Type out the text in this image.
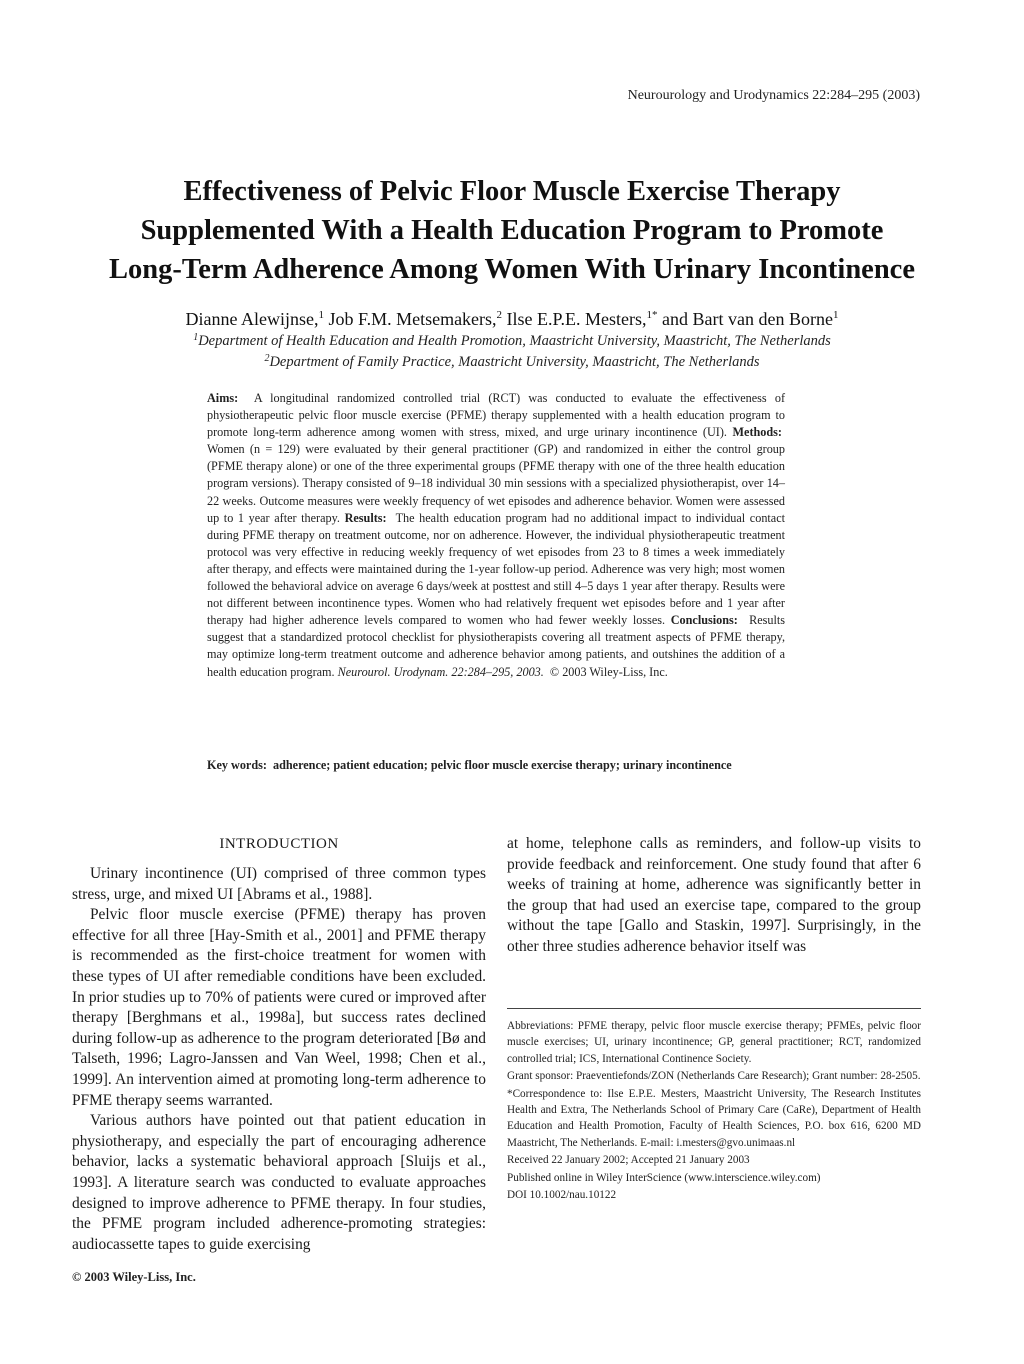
Neurourology and Urodynamics 22:284–295 (2003)
Effectiveness of Pelvic Floor Muscle Exercise Therapy
Supplemented With a Health Education Program to Promote
Long-Term Adherence Among Women With Urinary Incontinence
Dianne Alewijnse,$^1$ Job F.M. Metsemakers,$^2$ Ilse E.P.E. Mesters,$^{1*}$ and Bart van den Borne$^1$
$^1$Department of Health Education and Health Promotion, Maastricht University, Maastricht, The Netherlands
$^2$Department of Family Practice, Maastricht University, Maastricht, The Netherlands
Aims: A longitudinal randomized controlled trial (RCT) was conducted to evaluate the effectiveness of physiotherapeutic pelvic floor muscle exercise (PFME) therapy supplemented with a health education program to promote long-term adherence among women with stress, mixed, and urge urinary incontinence (UI). Methods:  Women (n = 129) were evaluated by their general practitioner (GP) and randomized in either the control group (PFME therapy alone) or one of the three experimental groups (PFME therapy with one of the three health education program versions). Therapy consisted of 9–18 individual 30 min sessions with a specialized physiotherapist, over 14–22 weeks. Outcome measures were weekly frequency of wet episodes and adherence behavior. Women were assessed up to 1 year after therapy. Results: The health education program had no additional impact to individual contact during PFME therapy on treatment outcome, nor on adherence. However, the individual physiotherapeutic treatment protocol was very effective in reducing weekly frequency of wet episodes from 23 to 8 times a week immediately after therapy, and effects were maintained during the 1-year follow-up period. Adherence was very high; most women followed the behavioral advice on average 6 days/week at posttest and still 4–5 days 1 year after therapy. Results were not different between incontinence types. Women who had relatively frequent wet episodes before and 1 year after therapy had higher adherence levels compared to women who had fewer weekly losses. Conclusions: Results suggest that a standardized protocol checklist for physiotherapists covering all treatment aspects of PFME therapy, may optimize long-term treatment outcome and adherence behavior among patients, and outshines the addition of a health education program. Neurourol. Urodynam. 22:284–295, 2003. © 2003 Wiley-Liss, Inc.
Key words: adherence; patient education; pelvic floor muscle exercise therapy; urinary incontinence
INTRODUCTION

Urinary incontinence (UI) comprised of three common types stress, urge, and mixed UI [Abrams et al., 1988].

Pelvic floor muscle exercise (PFME) therapy has proven effective for all three [Hay-Smith et al., 2001] and PFME therapy is recommended as the first-choice treatment for women with these types of UI after remediable conditions have been excluded. In prior studies up to 70% of patients were cured or improved after therapy [Berghmans et al., 1998a], but success rates declined during follow-up as adherence to the program deteriorated [Bø and Talseth, 1996; Lagro-Janssen and Van Weel, 1998; Chen et al., 1999]. An intervention aimed at promoting long-term adherence to PFME therapy seems warranted.

Various authors have pointed out that patient education in physiotherapy, and especially the part of encouraging adherence behavior, lacks a systematic behavioral approach [Sluijs et al., 1993]. A literature search was conducted to evaluate approaches designed to improve adherence to PFME therapy. In four studies, the PFME program included adherence-promoting strategies: audiocassette tapes to guide exercising

at home, telephone calls as reminders, and follow-up visits to provide feedback and reinforcement. One study found that after 6 weeks of training at home, adherence was significantly better in the group that had used an exercise tape, compared to the group without the tape [Gallo and Staskin, 1997]. Surprisingly, in the other three studies adherence behavior itself was

Abbreviations: PFME therapy, pelvic floor muscle exercise therapy; PFMEs, pelvic floor muscle exercises; UI, urinary incontinence; GP, general practitioner; RCT, randomized controlled trial; ICS, International Continence Society.

Grant sponsor: Praeventiefonds/ZON (Netherlands Care Research); Grant number: 28-2505.

*Correspondence to: Ilse E.P.E. Mesters, Maastricht University, The Research Institutes Health and Extra, The Netherlands School of Primary Care (CaRe), Department of Health Education and Health Promotion, Faculty of Health Sciences, P.O. box 616, 6200 MD Maastricht, The Netherlands. E-mail: i.mesters@gvo.unimaas.nl

Received 22 January 2002; Accepted 21 January 2003

Published online in Wiley InterScience (www.interscience.wiley.com)

DOI 10.1002/nau.10122

© 2003 Wiley-Liss, Inc.
